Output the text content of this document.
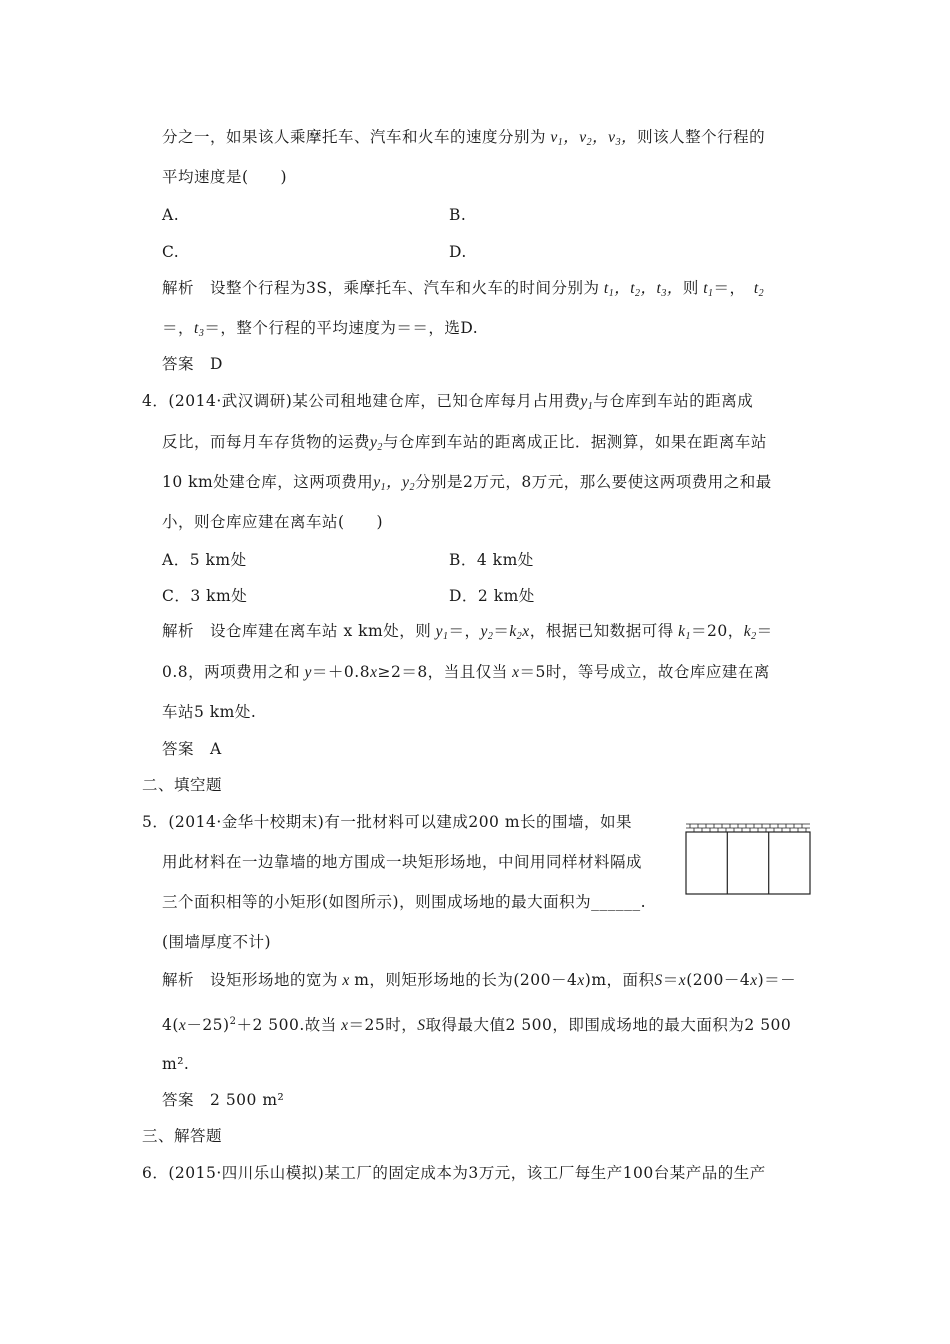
分之一，如果该人乘摩托车、汽车和火车的速度分别为 $v_1$，$v_2$，$v_3$，则该人整个行程的
平均速度是(　　)
A.	B.
C.	D.
解析　 设整个行程为3S，乘摩托车、汽车和火车的时间分别为 $t_1$，$t_2$，$t_3$，则 $t_1=$，　$t_2$
＝，$t_3=$，整个行程的平均速度为＝＝，选D.
答案　 D
4．(2014·武汉调研)某公司租地建仓库，已知仓库每月占用费$y_1$与仓库到车站的距离成
反比，而每月车存货物的运费$y_2$与仓库到车站的距离成正比．据测算，如果在距离车站
10 km处建仓库，这两项费用$y_1$，$y_2$分别是2万元，8万元，那么要使这两项费用之和最
小，则仓库应建在离车站(　　)
A．5 km处	B．4 km处
C．3 km处	D．2 km处
解析　 设仓库建在离车站 x km处，则 $y_1=$，$y_2=k_2x$，根据已知数据可得 $k_1=20$，$k_2=$
0.8，两项费用之和 y＝＋0.8x≥2＝8，当且仅当 x＝5时，等号成立，故仓库应建在离
车站5 km处.
答案　 A
二、填空题
5．(2014·金华十校期末)有一批材料可以建成200 m长的围墙，如果
用此材料在一边靠墙的地方围成一块矩形场地，中间用同样材料隔成
三个面积相等的小矩形(如图所示)，则围成场地的最大面积为______.
(围墙厚度不计)
解析　 设矩形场地的宽为 x m，则矩形场地的长为(200－4x)m，面积S＝x(200－4x)＝－
$4(x-25)^2+2$ 500.故当 x＝25时，S取得最大值2 500，即围成场地的最大面积为2 500
m².
答案　 2 500 m²
三、解答题
6．(2015·四川乐山模拟)某工厂的固定成本为3万元，该工厂每生产100台某产品的生产
